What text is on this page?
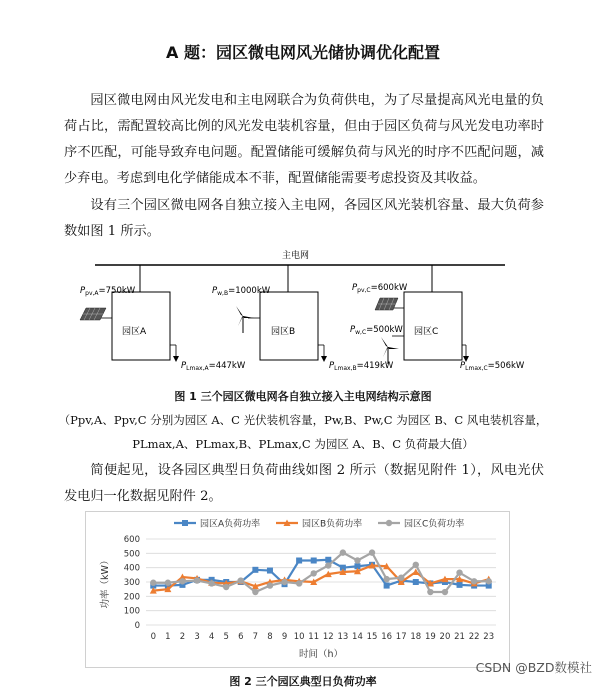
A 题：园区微电网风光储协调优化配置

园区微电网由风光发电和主电网联合为负荷供电，为了尽量提高风光电量的负荷占比，需配置较高比例的风光发电装机容量，但由于园区负荷与风光发电功率时序不匹配，可能导致弃电问题。配置储能可缓解负荷与风光的时序不匹配问题，减少弃电。考虑到电化学储能成本不菲，配置储能需要考虑投资及其收益。

设有三个园区微电网各自独立接入主电网，各园区风光装机容量、最大负荷参数如图 1 所示。

主电网
园区A
$P_{pv,A}=750kW$
$P_{Lmax,A}=447kW$
园区B
$P_{w,B}=1000kW$
$P_{Lmax,B}=419kW$
园区C
$P_{pv,C}=600kW$
$P_{w,C}=500kW$
$P_{Lmax,C}=506kW$
图 1 三个园区微电网各自独立接入主电网结构示意图
（Ppv,A、Ppv,C 分别为园区 A、C 光伏装机容量，Pw,B、Pw,C 为园区 B、C 风电装机容量，
PLmax,A、PLmax,B、PLmax,C 为园区 A、B、C 负荷最大值）

简便起见，设各园区典型日负荷曲线如图 2 所示（数据见附件 1），风电光伏发电归一化数据见附件 2。

0
100
200
300
400
500
600
0 1 2 3 4 5 6 7 8 9 10 11 12 13 14 15 16 17 18 19 20 21 22 23
时间（h）
功率（kW）
园区A负荷功率	园区B负荷功率	园区C负荷功率
图 2 三个园区典型日负荷功率
CSDN @BZD数模社
